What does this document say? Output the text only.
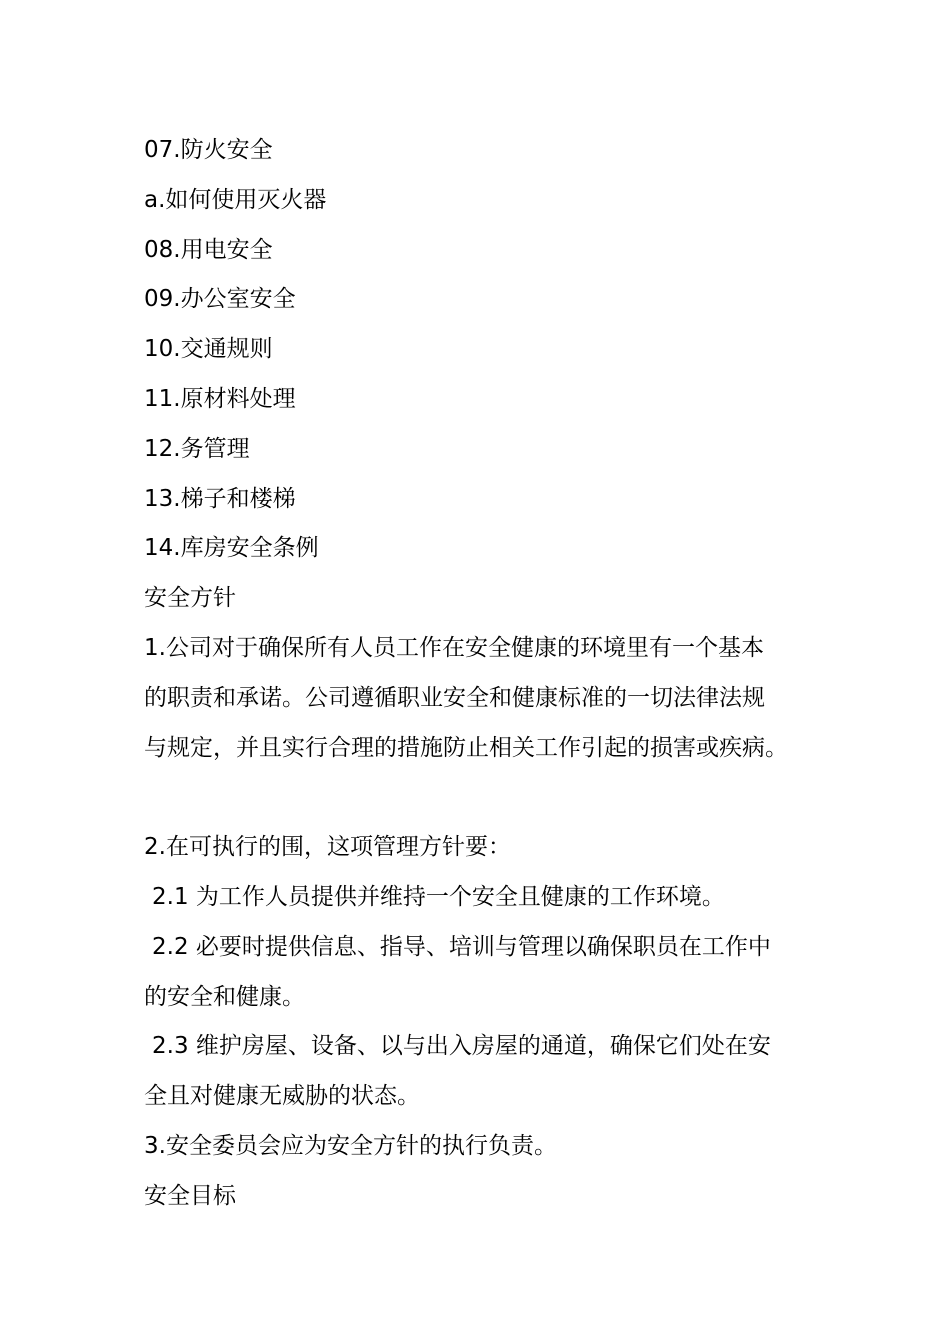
07.防火安全

a.如何使用灭火器

08.用电安全

09.办公室安全

10.交通规则

11.原材料处理

12.务管理

13.梯子和楼梯

14.库房安全条例

安全方针

1.公司对于确保所有人员工作在安全健康的环境里有一个基本

的职责和承诺。公司遵循职业安全和健康标准的一切法律法规

与规定，并且实行合理的措施防止相关工作引起的损害或疾病。

2.在可执行的围，这项管理方针要：

2.1 为工作人员提供并维持一个安全且健康的工作环境。

2.2 必要时提供信息、指导、培训与管理以确保职员在工作中

的安全和健康。

2.3 维护房屋、设备、以与出入房屋的通道，确保它们处在安

全且对健康无威胁的状态。

3.安全委员会应为安全方针的执行负责。

安全目标
